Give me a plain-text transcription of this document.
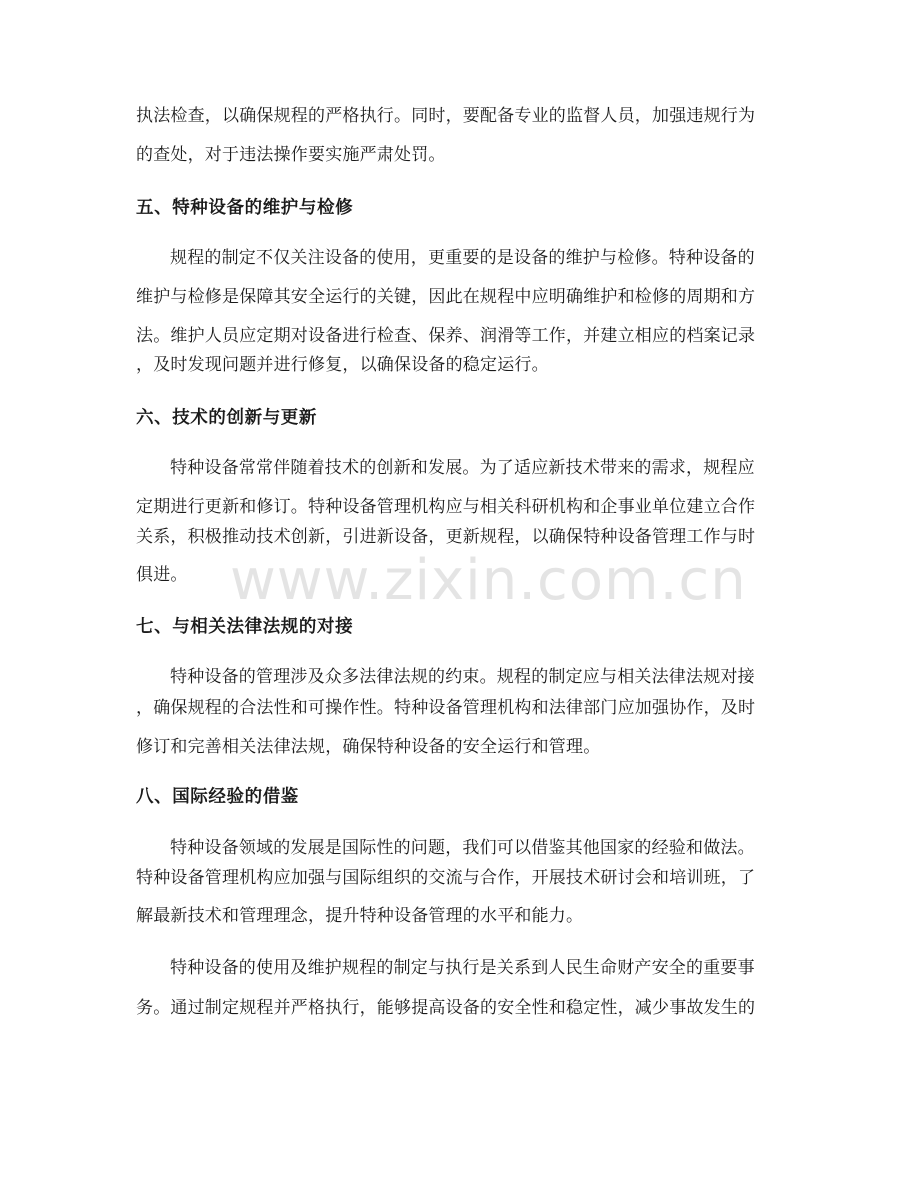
执法检查，以确保规程的严格执行。同时，要配备专业的监督人员，加强违规行为
的查处，对于违法操作要实施严肃处罚。
五、特种设备的维护与检修
规程的制定不仅关注设备的使用，更重要的是设备的维护与检修。特种设备的
维护与检修是保障其安全运行的关键，因此在规程中应明确维护和检修的周期和方
法。维护人员应定期对设备进行检查、保养、润滑等工作，并建立相应的档案记录
，及时发现问题并进行修复，以确保设备的稳定运行。
六、技术的创新与更新
特种设备常常伴随着技术的创新和发展。为了适应新技术带来的需求，规程应
定期进行更新和修订。特种设备管理机构应与相关科研机构和企事业单位建立合作
关系，积极推动技术创新，引进新设备，更新规程，以确保特种设备管理工作与时
俱进。
七、与相关法律法规的对接
特种设备的管理涉及众多法律法规的约束。规程的制定应与相关法律法规对接
，确保规程的合法性和可操作性。特种设备管理机构和法律部门应加强协作，及时
修订和完善相关法律法规，确保特种设备的安全运行和管理。
八、国际经验的借鉴
特种设备领域的发展是国际性的问题，我们可以借鉴其他国家的经验和做法。
特种设备管理机构应加强与国际组织的交流与合作，开展技术研讨会和培训班，了
解最新技术和管理理念，提升特种设备管理的水平和能力。
特种设备的使用及维护规程的制定与执行是关系到人民生命财产安全的重要事
务。通过制定规程并严格执行，能够提高设备的安全性和稳定性，减少事故发生的
www.zixin.com.cn
